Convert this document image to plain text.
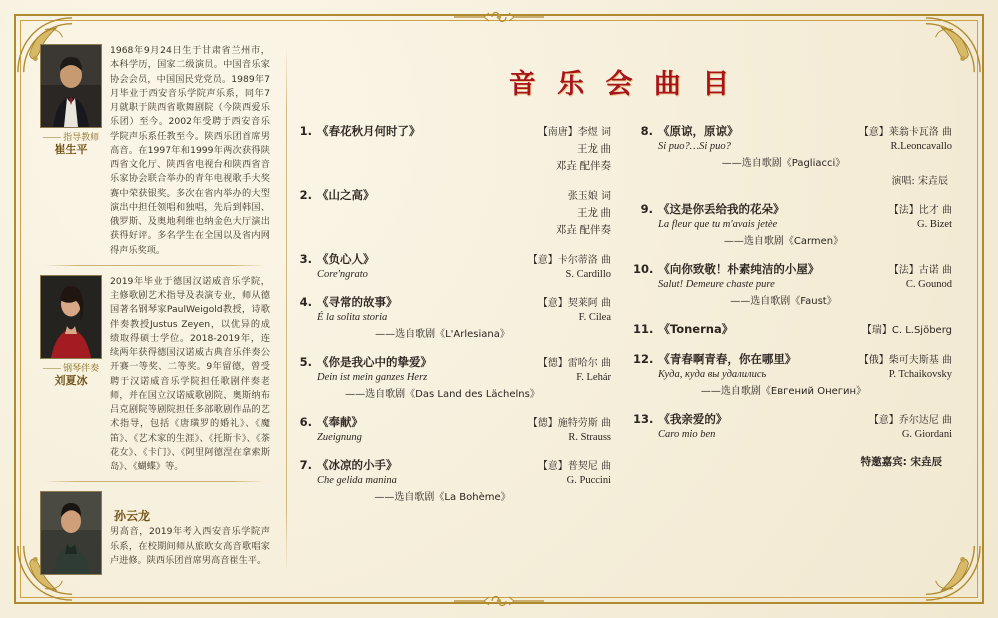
—— 指导教师
崔生平
1968年9月24日生于甘肃省兰州市，本科学历，国家二级演员。中国音乐家协会会员，中国国民党党员。1989年7月毕业于西安音乐学院声乐系，同年7月就职于陕西省歌舞剧院（今陕西爱乐乐团）至今。2002年受聘于西安音乐学院声乐系任教至今。陕西乐团首席男高音。在1997年和1999年两次获得陕西省文化厅、陕西省电视台和陕西省音乐家协会联合举办的青年电视歌手大奖赛中荣获银奖。多次在省内举办的大型演出中担任领唱和独唱，先后到韩国、俄罗斯、及奥地利维也纳金色大厅演出获得好评。多名学生在全国以及省内网得声乐奖项。
—— 钢琴伴奏
刘夏冰
2019年毕业于德国汉诺威音乐学院，主修歌剧艺术指导及表演专业，师从德国著名钢琴家PaulWeigold教授，诗歌伴奏教授Justus Zeyen，以优异的成绩取得硕士学位。2018-2019年，连续两年获得德国汉诺威古典音乐伴奏公开赛一等奖、二等奖。9年留德，曾受聘于汉诺威音乐学院担任歌剧伴奏老师，并在国立汉诺威歌剧院、奥斯纳布吕克剧院等剧院担任多部歌剧作品的艺术指导，包括《唐璜罗的婚礼》、《魔笛》、《艺术家的生涯》、《托斯卡》、《茶花女》、《卡门》、《阿里阿德涅在拿索斯岛》、《蝴蝶》等。
孙云龙
男高音，2019年考入西安音乐学院声乐系，在校期间师从旅欧女高音歌唱家卢进修。陕西乐团首席男高音崔生平。
音 乐 会 曲 目
1. 《春花秋月何时了》	【南唐】李煜 词
王龙 曲
邓垚 配伴奏
2. 《山之高》	张玉娘 词
王龙 曲
邓垚 配伴奏
3. 《负心人》	【意】卡尔蒂洛 曲
Core'ngrato	S. Cardillo
4. 《寻常的故事》	【意】契莱阿 曲
É la solita storia	F. Cilea
——选自歌剧《L'Arlesiana》
5. 《你是我心中的挚爱》	【德】雷哈尔 曲
Dein ist mein ganzes Herz	F. Lehár
——选自歌剧《Das Land des Lächelns》
6. 《奉献》	【德】施特劳斯 曲
Zueignung	R. Strauss
7. 《冰凉的小手》	【意】普契尼 曲
Che gelida manina	G. Puccini
——选自歌剧《La Bohème》
8. 《原谅，原谅》	【意】莱翁卡瓦洛 曲
Si puo?…Si puo?	R.Leoncavallo
——选自歌剧《Pagliacci》
演唱: 宋垚辰
9. 《这是你丢给我的花朵》	【法】比才 曲
La fleur que tu m'avais jetèe	G. Bizet
——选自歌剧《Carmen》
10. 《向你致敬！朴素纯洁的小屋》	【法】古诺 曲
Salut! Demeure chaste pure	C. Gounod
——选自歌剧《Faust》
11. 《Tonerna》	【瑞】C. L.Sjöberg
12. 《青春啊青春，你在哪里》	【俄】柴可夫斯基 曲
Куда, куда вы удалились	P. Tchaikovsky
——选自歌剧《Евгений Онегин》
13. 《我亲爱的》	【意】乔尔达尼 曲
Caro mio ben	G. Giordani
特邀嘉宾: 宋垚辰
